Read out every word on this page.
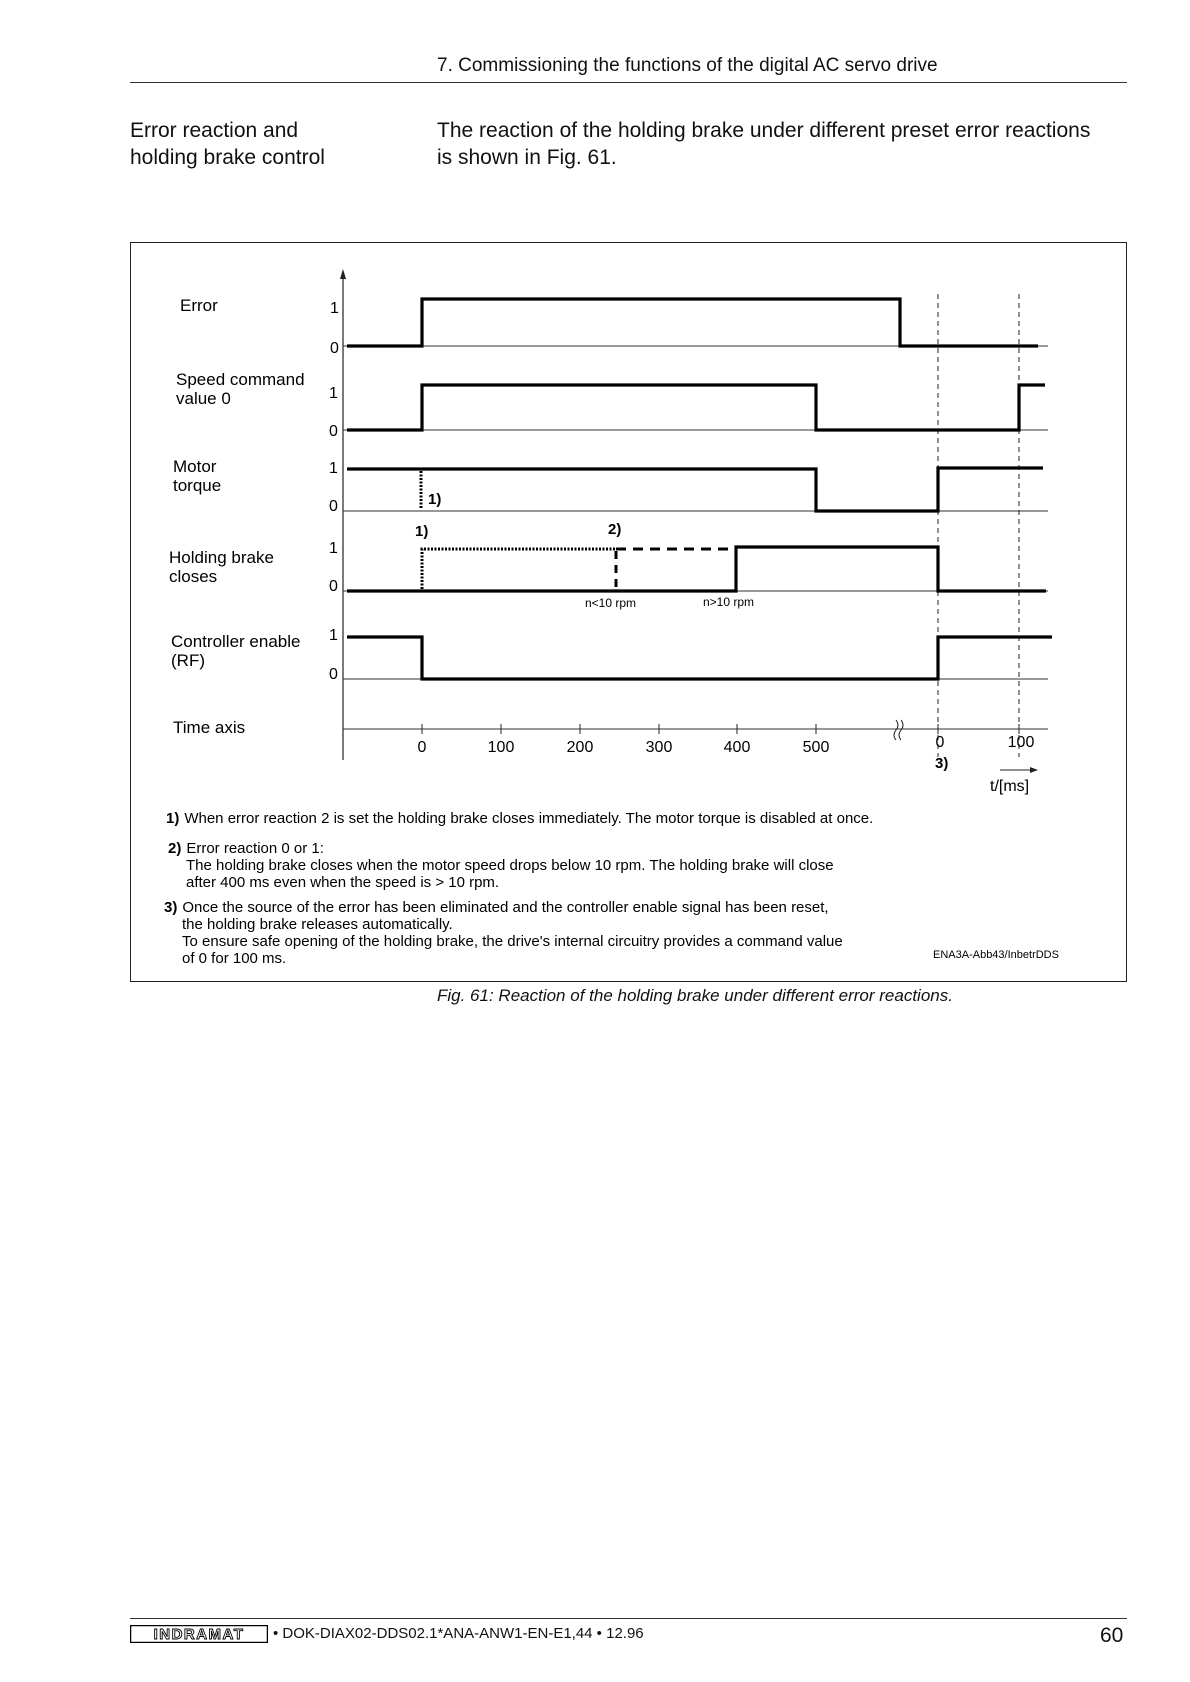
7. Commissioning the functions of the digital AC servo drive
Error reaction and
holding brake control
The reaction of the holding brake under different preset error reactions
is shown in Fig. 61.
Error
Speed command
value 0
Motor
torque
Holding brake
closes
Controller enable
(RF)
Time axis
1
0
1
0
1
0
1
0
1
0
0	100	200	300	400	500	0	100
t/[ms]
1)
1)	2)
3)
n<10 rpm	n>10 rpm
1) When error reaction 2 is set the holding brake closes immediately. The motor torque is disabled at once.
2) Error reaction 0 or 1:
The holding brake closes when the motor speed drops below 10 rpm. The holding brake will close
after 400 ms even when the speed is > 10 rpm.
3) Once the source of the error has been eliminated and the controller enable signal has been reset,
the holding brake releases automatically.
To ensure safe opening of the holding brake, the drive's internal circuitry provides a command value
of 0 for 100 ms.	ENA3A-Abb43/InbetrDDS
Fig. 61: Reaction of the holding brake under different error reactions.
INDRAMAT • DOK-DIAX02-DDS02.1*ANA-ANW1-EN-E1,44 • 12.96	60
